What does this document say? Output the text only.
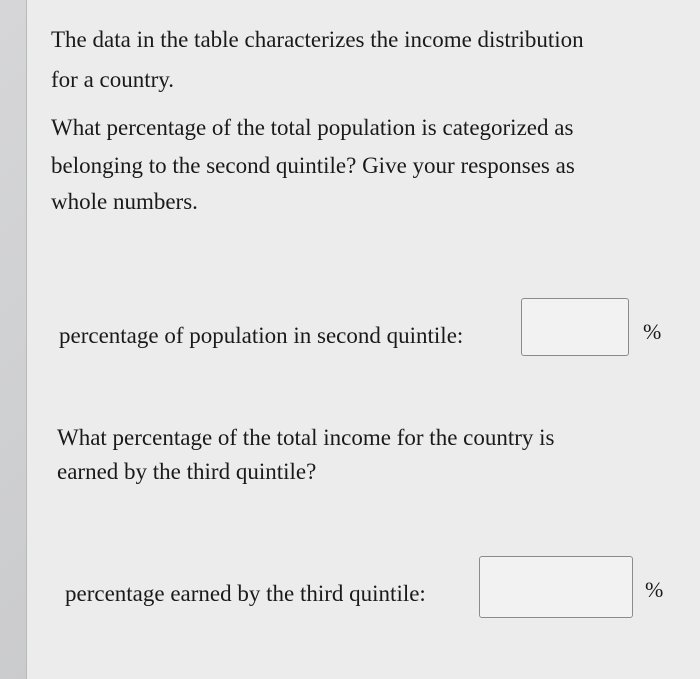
The data in the table characterizes the income distribution
for a country.
What percentage of the total population is categorized as
belonging to the second quintile? Give your responses as
whole numbers.
percentage of population in second quintile:	%
What percentage of the total income for the country is
earned by the third quintile?
percentage earned by the third quintile:	%
